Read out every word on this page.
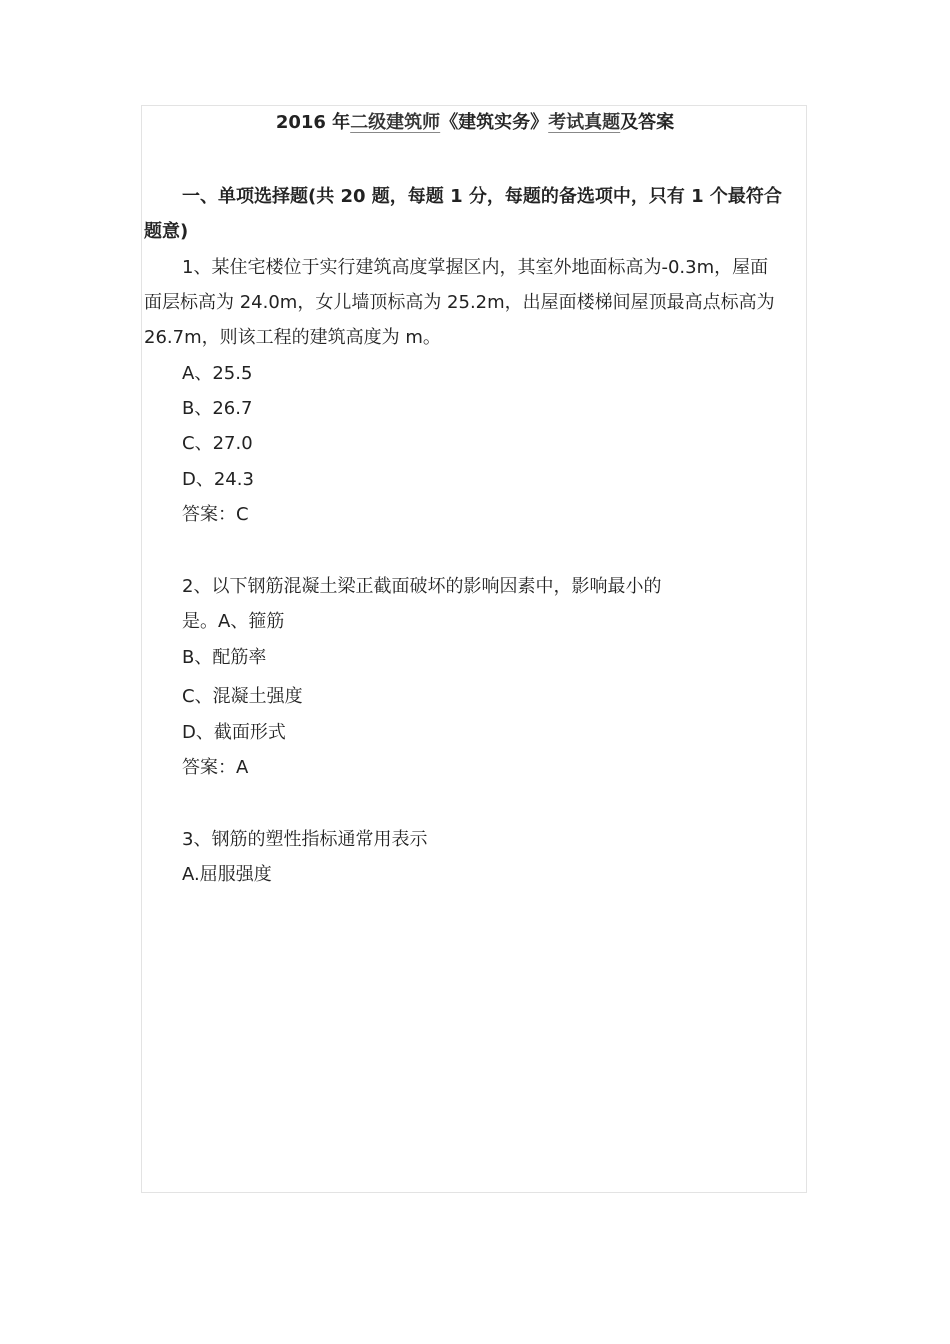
2016 年二级建筑师《建筑实务》考试真题及答案
一、单项选择题(共 20 题，每题 1 分，每题的备选项中，只有 1 个最符合
题意)
1、某住宅楼位于实行建筑高度掌握区内，其室外地面标高为-0.3m，屋面
面层标高为 24.0m，女儿墙顶标高为 25.2m，出屋面楼梯间屋顶最高点标高为
26.7m，则该工程的建筑高度为 m。
A、25.5
B、26.7
C、27.0
D、24.3
答案：C
2、以下钢筋混凝土梁正截面破坏的影响因素中，影响最小的
是。A、箍筋
B、配筋率
C、混凝土强度
D、截面形式
答案：A
3、钢筋的塑性指标通常用表示
A.屈服强度
